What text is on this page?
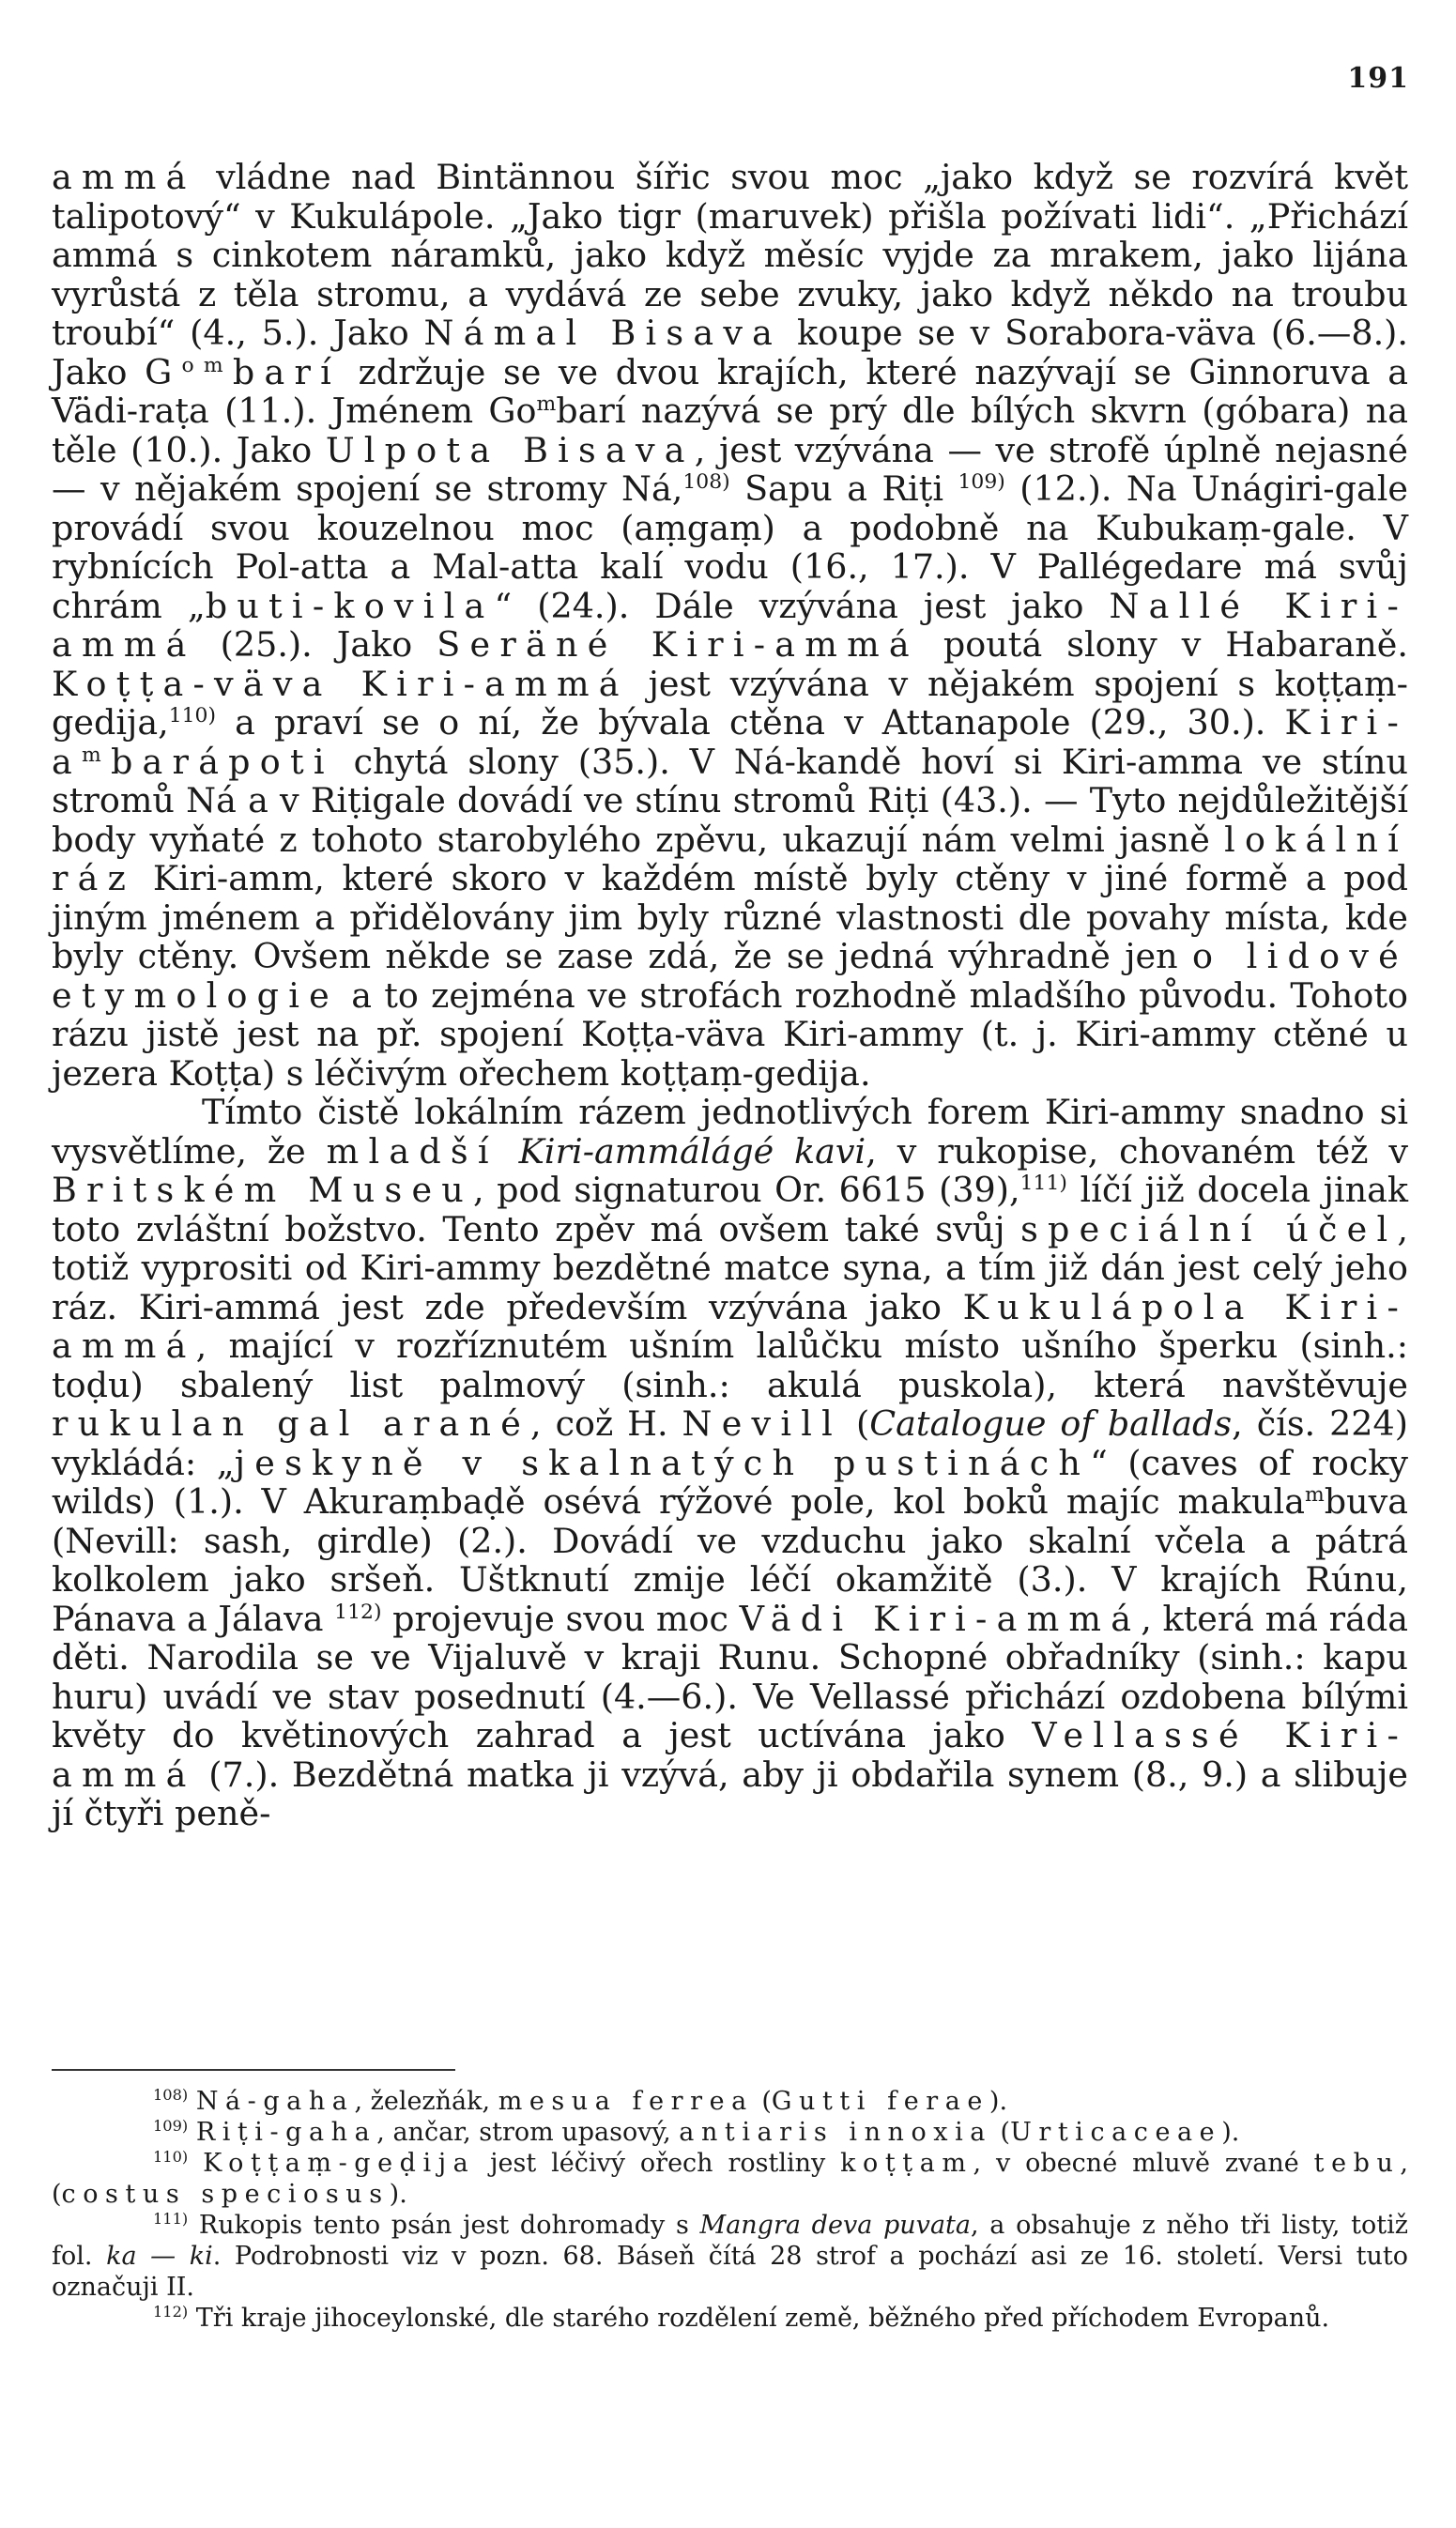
191

ammá vládne nad Bintännou šířic svou moc „jako když se rozvírá květ talipotový“ v Kukulápole. „Jako tigr (maruvek) přišla požívati lidi“. „Přichází ammá s cinkotem náramků, jako když měsíc vyjde za mrakem, jako lijána vyrůstá z těla stromu, a vydává ze sebe zvuky, jako když někdo na troubu troubí“ (4., 5.). Jako Námal Bisava koupe se v Sorabora-väva (6.—8.). Jako $G^{om}barí$ zdržuje se ve dvou krajích, které nazývají se Ginnoruva a Vädi-raṭa (11.). Jménem Go$^m$barí nazývá se prý dle bílých skvrn (góbara) na těle (10.). Jako Ulpota Bisava, jest vzývána — ve strofě úplně nejasné — v nějakém spojení se stromy Ná,$^{108)}$ Sapu a Riṭi $^{109)}$ (12.). Na Unágiri-gale provádí svou kouzelnou moc (aṃgaṃ) a podobně na Kubukaṃ-gale. V rybnících Pol-atta a Mal-atta kalí vodu (16., 17.). V Pallégedare má svůj chrám „buti-kovila“ (24.). Dále vzývána jest jako Nallé Kiri-ammá (25.). Jako Seräné Kiri-ammá poutá slony v Habaraně. Koṭṭa-väva Kiri-ammá jest vzývána v nějakém spojení s koṭṭaṃ-gedija,$^{110)}$ a praví se o ní, že bývala ctěna v Attanapole (29., 30.). Kiri-$a^mbarápoti$ chytá slony (35.). V Ná-kandě hoví si Kiri-amma ve stínu stromů Ná a v Riṭigale dovádí ve stínu stromů Riṭi (43.). — Tyto nejdůležitější body vyňaté z tohoto starobylého zpěvu, ukazují nám velmi jasně lokální ráz Kiri-amm, které skoro v každém místě byly ctěny v jiné formě a pod jiným jménem a přidělovány jim byly různé vlastnosti dle povahy místa, kde byly ctěny. Ovšem někde se zase zdá, že se jedná výhradně jen o lidové etymologie a to zejména ve strofách rozhodně mladšího původu. Tohoto rázu jistě jest na př. spojení Koṭṭa-väva Kiri-ammy (t. j. Kiri-ammy ctěné u jezera Koṭṭa) s léčivým ořechem koṭṭaṃ-gedija.

Tímto čistě lokálním rázem jednotlivých forem Kiri-ammy snadno si vysvětlíme, že mladší Kiri-ammálágé kavi, v rukopise, chovaném též v Britském Museu, pod signaturou Or. 6615 (39),$^{111)}$ líčí již docela jinak toto zvláštní božstvo. Tento zpěv má ovšem také svůj speciální účel, totiž vyprositi od Kiri-ammy bezdětné matce syna, a tím již dán jest celý jeho ráz. Kiri-ammá jest zde především vzývána jako Kukulápola Kiri-ammá, mající v rozříznutém ušním lalůčku místo ušního šperku (sinh.: toḍu) sbalený list palmový (sinh.: akulá puskola), která navštěvuje rukulan gal arané, což H. Nevill (Catalogue of ballads, čís. 224) vykládá: „jeskyně v skalnatých pustinách“ (caves of rocky wilds) (1.). V Akuraṃbaḍě osévá rýžové pole, kol boků majíc makula$^m$buva (Nevill: sash, girdle) (2.). Dovádí ve vzduchu jako skalní včela a pátrá kolkolem jako sršeň. Uštknutí zmije léčí okamžitě (3.). V krajích Rúnu, Pánava a Jálava $^{112)}$ projevuje svou moc Vädi Kiri-ammá, která má ráda děti. Narodila se ve Vijaluvě v kraji Runu. Schopné obřadníky (sinh.: kapu huru) uvádí ve stav posednutí (4.—6.). Ve Vellassé přichází ozdobena bílými květy do květinových zahrad a jest uctívána jako Vellassé Kiri-ammá (7.). Bezdětná matka ji vzývá, aby ji obdařila synem (8., 9.) a slibuje jí čtyři peně-

$^{108)}$ Ná-gaha, železňák, mesua ferrea (Gutti ferae).

$^{109)}$ Riṭi-gaha, ančar, strom upasový, antiaris innoxia (Urticaceae).

$^{110)}$ Koṭṭaṃ-geḍija jest léčivý ořech rostliny koṭṭam, v obecné mluvě zvané tebu, (costus speciosus).

$^{111)}$ Rukopis tento psán jest dohromady s Mangra deva puvata, a obsahuje z něho tři listy, totiž fol. ka — ki. Podrobnosti viz v pozn. 68. Báseň čítá 28 strof a pochází asi ze 16. století. Versi tuto označuji II.

$^{112)}$ Tři kraje jihoceylonské, dle starého rozdělení země, běžného před příchodem Evropanů.
